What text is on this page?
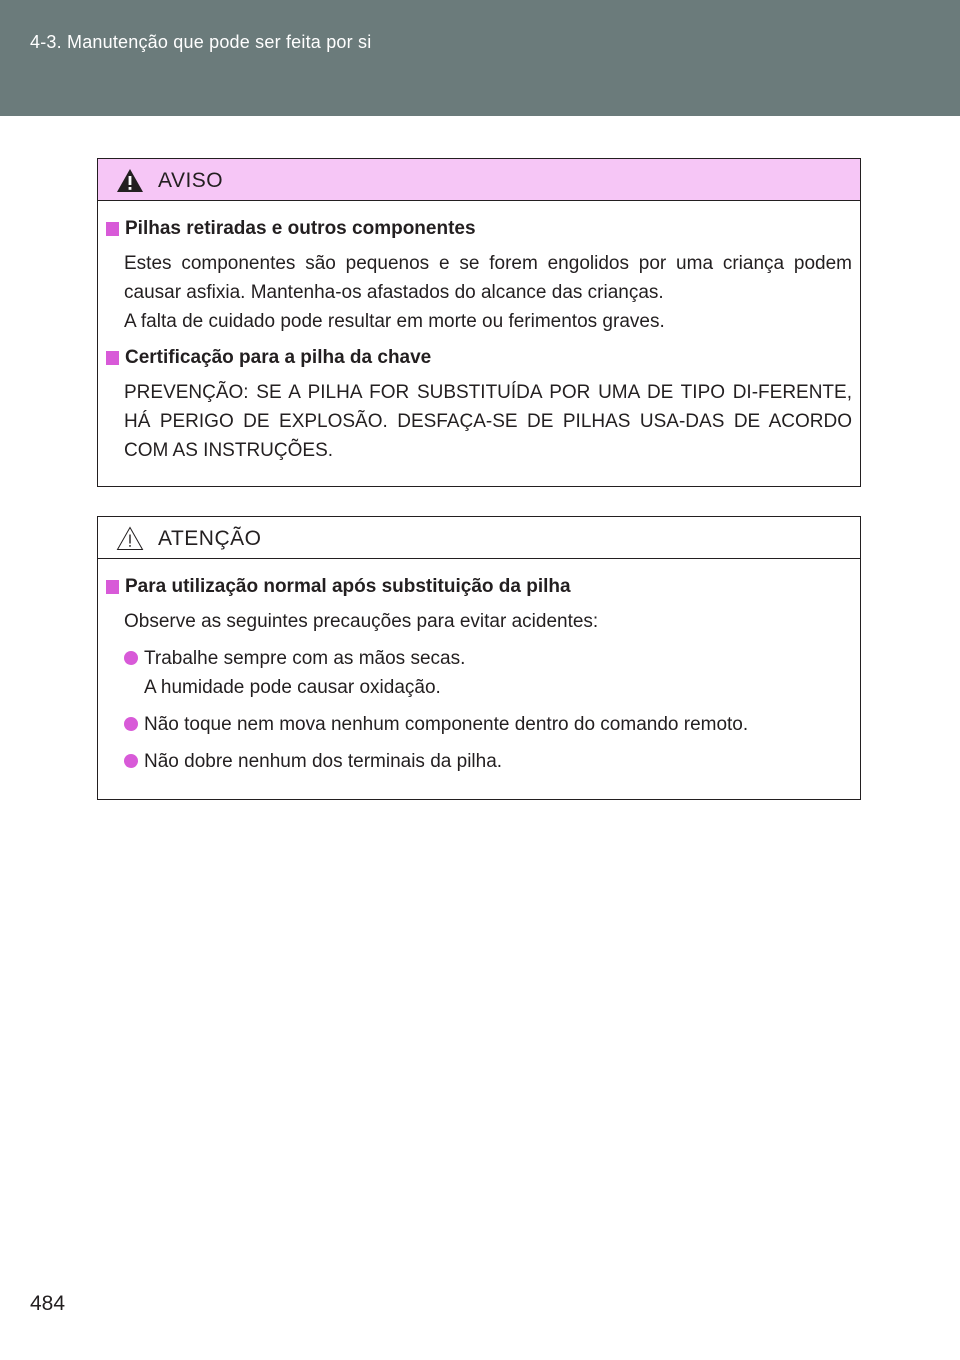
4-3. Manutenção que pode ser feita por si
AVISO
Pilhas retiradas e outros componentes
Estes componentes são pequenos e se forem engolidos por uma criança podem causar asfixia. Mantenha-os afastados do alcance das crianças.
A falta de cuidado pode resultar em morte ou ferimentos graves.
Certificação para a pilha da chave
PREVENÇÃO: SE A PILHA FOR SUBSTITUÍDA POR UMA DE TIPO DI-FERENTE, HÁ PERIGO DE EXPLOSÃO. DESFAÇA-SE DE PILHAS USA-DAS DE ACORDO COM AS INSTRUÇÕES.
ATENÇÃO
Para utilização normal após substituição da pilha
Observe as seguintes precauções para evitar acidentes:
Trabalhe sempre com as mãos secas.
A humidade pode causar oxidação.
Não toque nem mova nenhum componente dentro do comando remoto.
Não dobre nenhum dos terminais da pilha.
484
